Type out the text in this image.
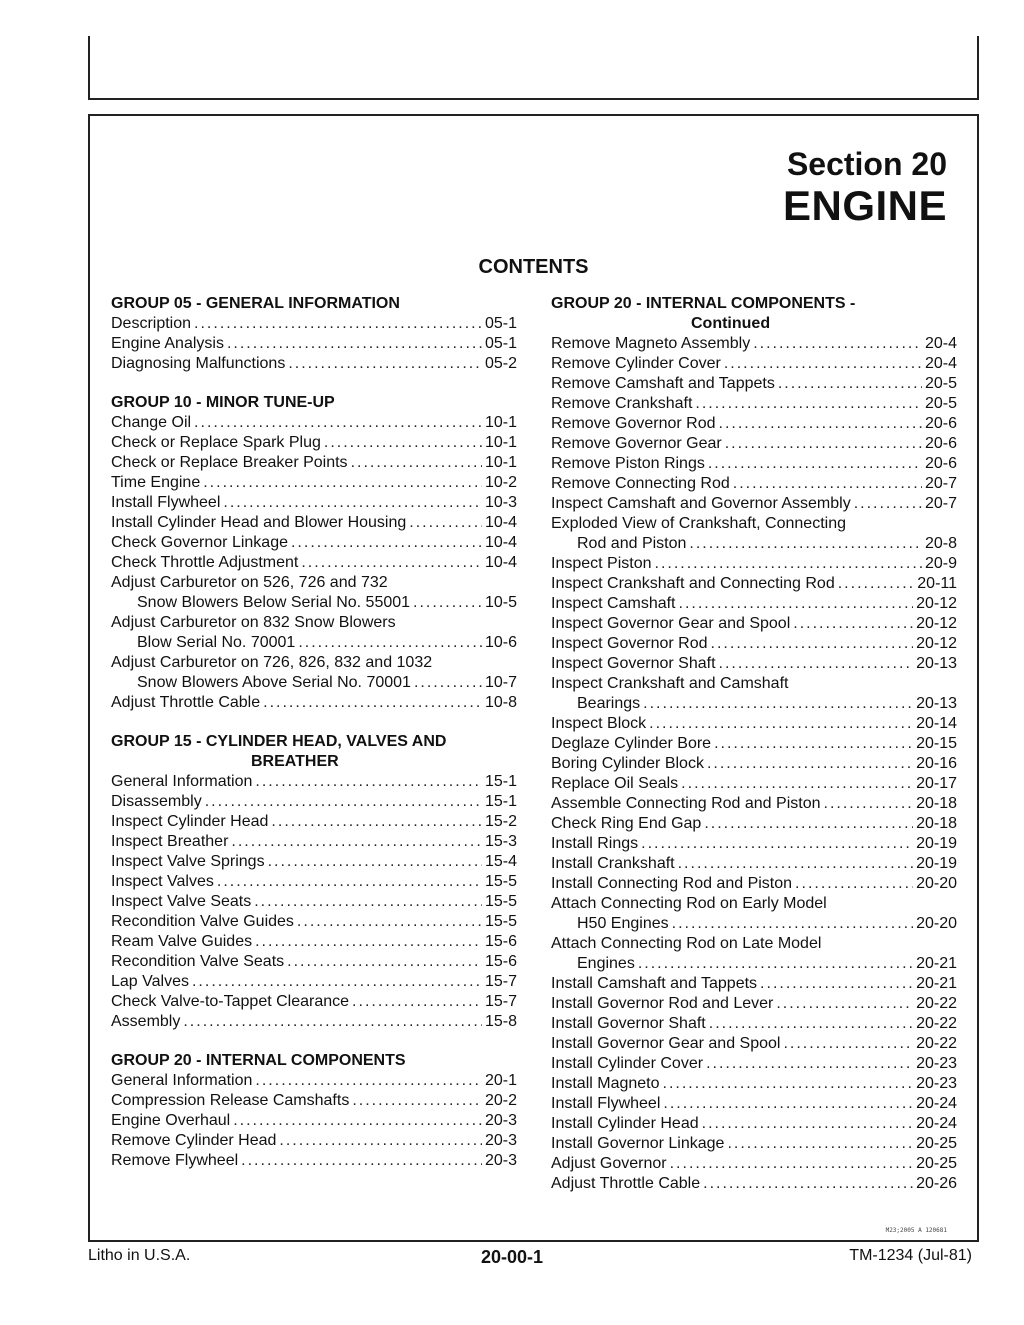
Section 20
ENGINE
CONTENTS
GROUP 05 - GENERAL INFORMATION
Description .....	05-1
Engine Analysis .....	05-1
Diagnosing Malfunctions .....	05-2
GROUP 10 - MINOR TUNE-UP
Change Oil .....	10-1
Check or Replace Spark Plug .....	10-1
Check or Replace Breaker Points .....	10-1
Time Engine .....	10-2
Install Flywheel .....	10-3
Install Cylinder Head and Blower Housing .....	10-4
Check Governor Linkage .....	10-4
Check Throttle Adjustment .....	10-4
Adjust Carburetor on 526, 726 and 732
Snow Blowers Below Serial No. 55001 .....	10-5
Adjust Carburetor on 832 Snow Blowers
Blow Serial No. 70001 .....	10-6
Adjust Carburetor on 726, 826, 832 and 1032
Snow Blowers Above Serial No. 70001 .....	10-7
Adjust Throttle Cable .....	10-8
GROUP 15 - CYLINDER HEAD, VALVES AND
BREATHER
General Information .....	15-1
Disassembly .....	15-1
Inspect Cylinder Head .....	15-2
Inspect Breather .....	15-3
Inspect Valve Springs .....	15-4
Inspect Valves .....	15-5
Inspect Valve Seats .....	15-5
Recondition Valve Guides .....	15-5
Ream Valve Guides .....	15-6
Recondition Valve Seats .....	15-6
Lap Valves .....	15-7
Check Valve-to-Tappet Clearance .....	15-7
Assembly .....	15-8
GROUP 20 - INTERNAL COMPONENTS
General Information .....	20-1
Compression Release Camshafts .....	20-2
Engine Overhaul .....	20-3
Remove Cylinder Head .....	20-3
Remove Flywheel .....	20-3
GROUP 20 - INTERNAL COMPONENTS -
Continued
Remove Magneto Assembly .....	20-4
Remove Cylinder Cover .....	20-4
Remove Camshaft and Tappets .....	20-5
Remove Crankshaft .....	20-5
Remove Governor Rod .....	20-6
Remove Governor Gear .....	20-6
Remove Piston Rings .....	20-6
Remove Connecting Rod .....	20-7
Inspect Camshaft and Governor Assembly .....	20-7
Exploded View of Crankshaft, Connecting
Rod and Piston .....	20-8
Inspect Piston .....	20-9
Inspect Crankshaft and Connecting Rod .....	20-11
Inspect Camshaft .....	20-12
Inspect Governor Gear and Spool .....	20-12
Inspect Governor Rod .....	20-12
Inspect Governor Shaft .....	20-13
Inspect Crankshaft and Camshaft
Bearings .....	20-13
Inspect Block .....	20-14
Deglaze Cylinder Bore .....	20-15
Boring Cylinder Block .....	20-16
Replace Oil Seals .....	20-17
Assemble Connecting Rod and Piston .....	20-18
Check Ring End Gap .....	20-18
Install Rings .....	20-19
Install Crankshaft .....	20-19
Install Connecting Rod and Piston .....	20-20
Attach Connecting Rod on Early Model
H50 Engines .....	20-20
Attach Connecting Rod on Late Model
Engines .....	20-21
Install Camshaft and Tappets .....	20-21
Install Governor Rod and Lever .....	20-22
Install Governor Shaft .....	20-22
Install Governor Gear and Spool .....	20-22
Install Cylinder Cover .....	20-23
Install Magneto .....	20-23
Install Flywheel .....	20-24
Install Cylinder Head .....	20-24
Install Governor Linkage .....	20-25
Adjust Governor .....	20-25
Adjust Throttle Cable .....	20-26
M23;2005 A 120681
Litho in U.S.A.	20-00-1	TM-1234 (Jul-81)
